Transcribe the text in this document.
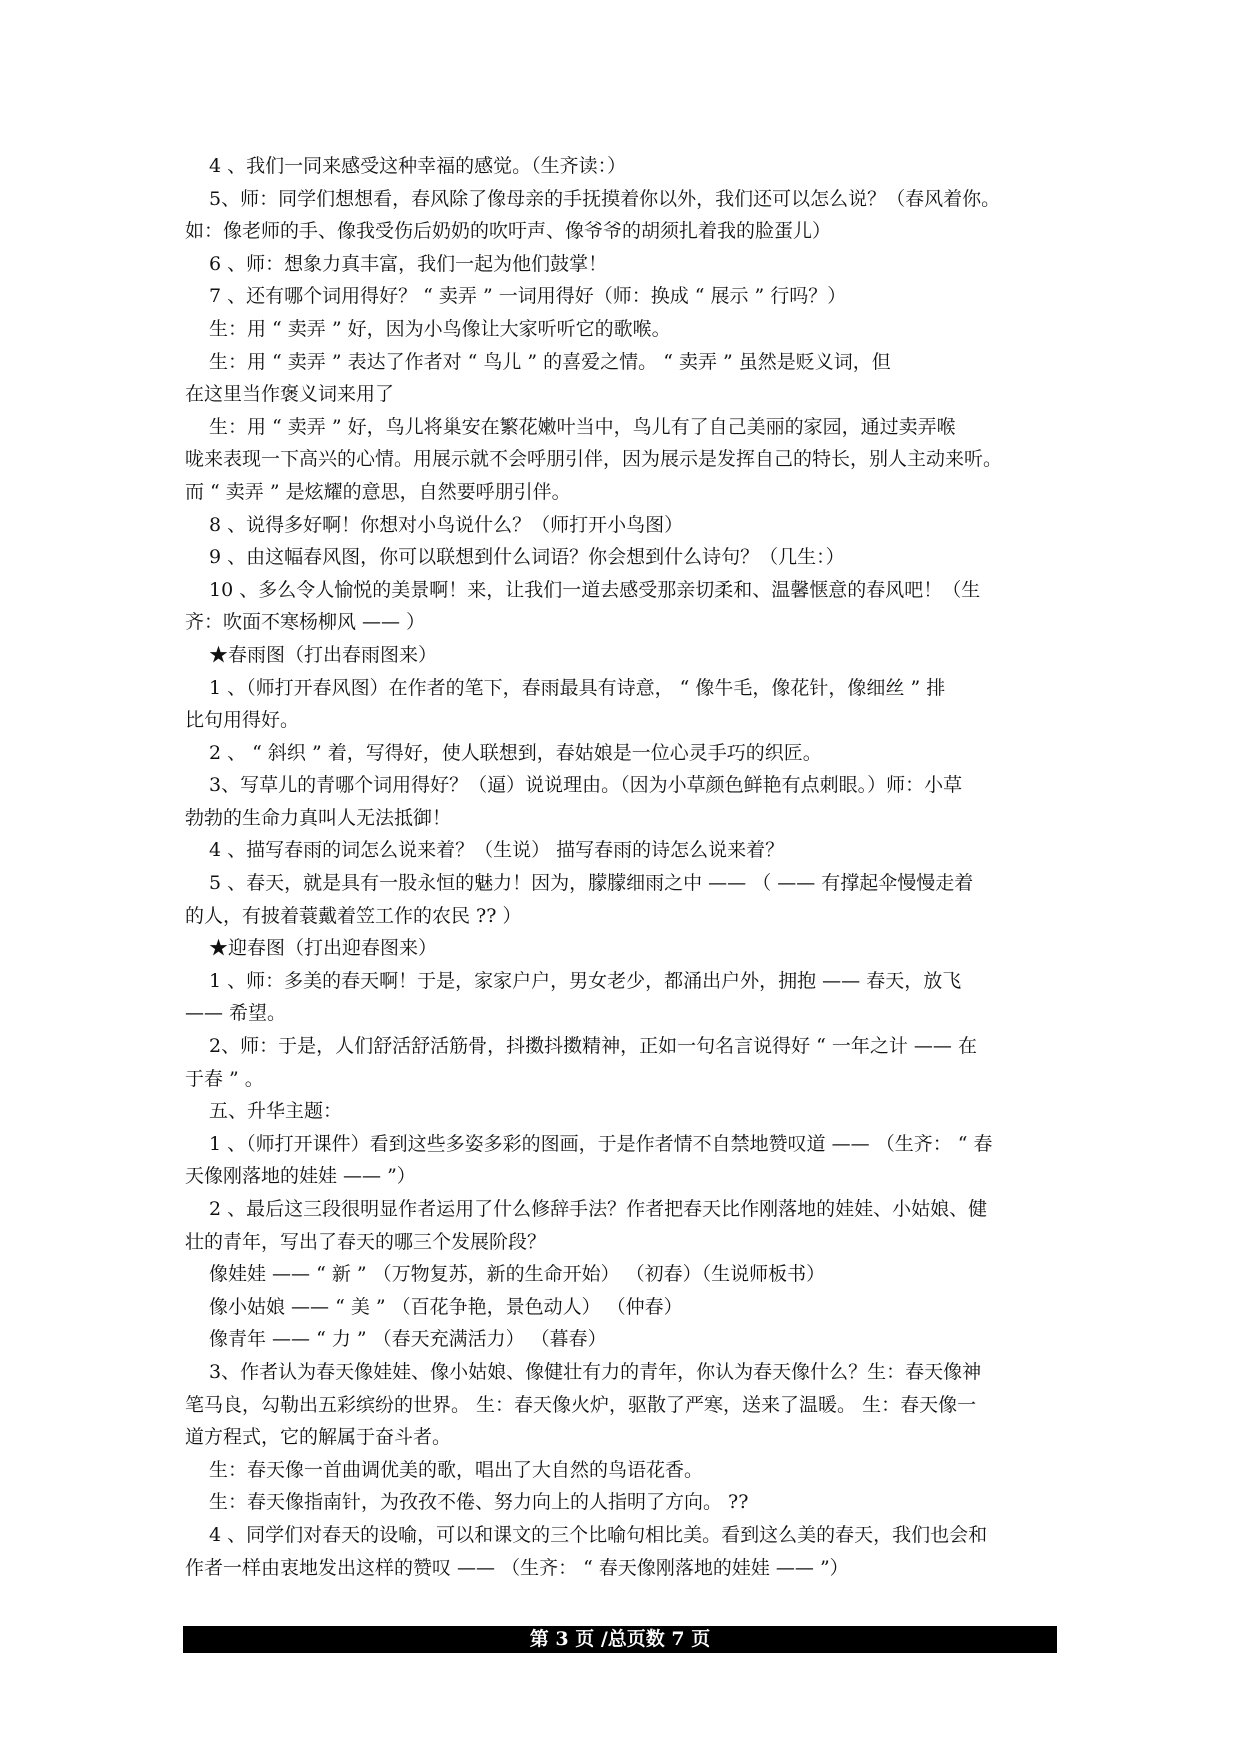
4 、我们一同来感受这种幸福的感觉。（生齐读：）
5、师：同学们想想看，春风除了像母亲的手抚摸着你以外，我们还可以怎么说？（春风着你。
如：像老师的手、像我受伤后奶奶的吹吁声、像爷爷的胡须扎着我的脸蛋儿）
6 、师：想象力真丰富，我们一起为他们鼓掌！
7 、还有哪个词用得好？ “ 卖弄 ” 一词用得好（师：换成 “ 展示 ” 行吗？）
生：用 “ 卖弄 ” 好，因为小鸟像让大家听听它的歌喉。
生：用 “ 卖弄 ” 表达了作者对 “ 鸟儿 ” 的喜爱之情。 “ 卖弄 ” 虽然是贬义词，但
在这里当作褒义词来用了
生：用 “ 卖弄 ” 好，鸟儿将巢安在繁花嫩叶当中，鸟儿有了自己美丽的家园，通过卖弄喉
咙来表现一下高兴的心情。用展示就不会呼朋引伴，因为展示是发挥自己的特长，别人主动来听。
而 “ 卖弄 ” 是炫耀的意思，自然要呼朋引伴。
8 、说得多好啊！你想对小鸟说什么？（师打开小鸟图）
9 、由这幅春风图，你可以联想到什么词语？你会想到什么诗句？（几生：）
10 、多么令人愉悦的美景啊！来，让我们一道去感受那亲切柔和、温馨惬意的春风吧！（生
齐：吹面不寒杨柳风 —— ）
★春雨图（打出春雨图来）
1 、（师打开春风图）在作者的笔下，春雨最具有诗意， “ 像牛毛，像花针，像细丝 ” 排
比句用得好。
2 、 “ 斜织 ” 着，写得好，使人联想到，春姑娘是一位心灵手巧的织匠。
3、写草儿的青哪个词用得好？（逼）说说理由。（因为小草颜色鲜艳有点刺眼。）师：小草
勃勃的生命力真叫人无法抵御！
4 、描写春雨的词怎么说来着？（生说） 描写春雨的诗怎么说来着？
5 、春天，就是具有一股永恒的魅力！因为，朦朦细雨之中 —— （ —— 有撑起伞慢慢走着
的人，有披着蓑戴着笠工作的农民 ?? ）
★迎春图（打出迎春图来）
1 、师：多美的春天啊！于是，家家户户，男女老少，都涌出户外，拥抱 —— 春天，放飞
—— 希望。
2、师：于是，人们舒活舒活筋骨，抖擞抖擞精神，正如一句名言说得好 “ 一年之计 —— 在
于春 ” 。
五、升华主题：
1 、（师打开课件）看到这些多姿多彩的图画，于是作者情不自禁地赞叹道 —— （生齐： “ 春
天像刚落地的娃娃 —— ”）
2 、最后这三段很明显作者运用了什么修辞手法？作者把春天比作刚落地的娃娃、小姑娘、健
壮的青年，写出了春天的哪三个发展阶段？
像娃娃 —— “ 新 ” （万物复苏，新的生命开始） （初春）（生说师板书）
像小姑娘 —— “ 美 ” （百花争艳，景色动人） （仲春）
像青年 —— “ 力 ” （春天充满活力） （暮春）
3、作者认为春天像娃娃、像小姑娘、像健壮有力的青年，你认为春天像什么？生：春天像神
笔马良，勾勒出五彩缤纷的世界。 生：春天像火炉，驱散了严寒，送来了温暖。 生：春天像一
道方程式，它的解属于奋斗者。
生：春天像一首曲调优美的歌，唱出了大自然的鸟语花香。
生：春天像指南针，为孜孜不倦、努力向上的人指明了方向。 ??
4 、同学们对春天的设喻，可以和课文的三个比喻句相比美。看到这么美的春天，我们也会和
作者一样由衷地发出这样的赞叹 —— （生齐： “ 春天像刚落地的娃娃 —— ”）
第 3 页 /总页数 7 页
